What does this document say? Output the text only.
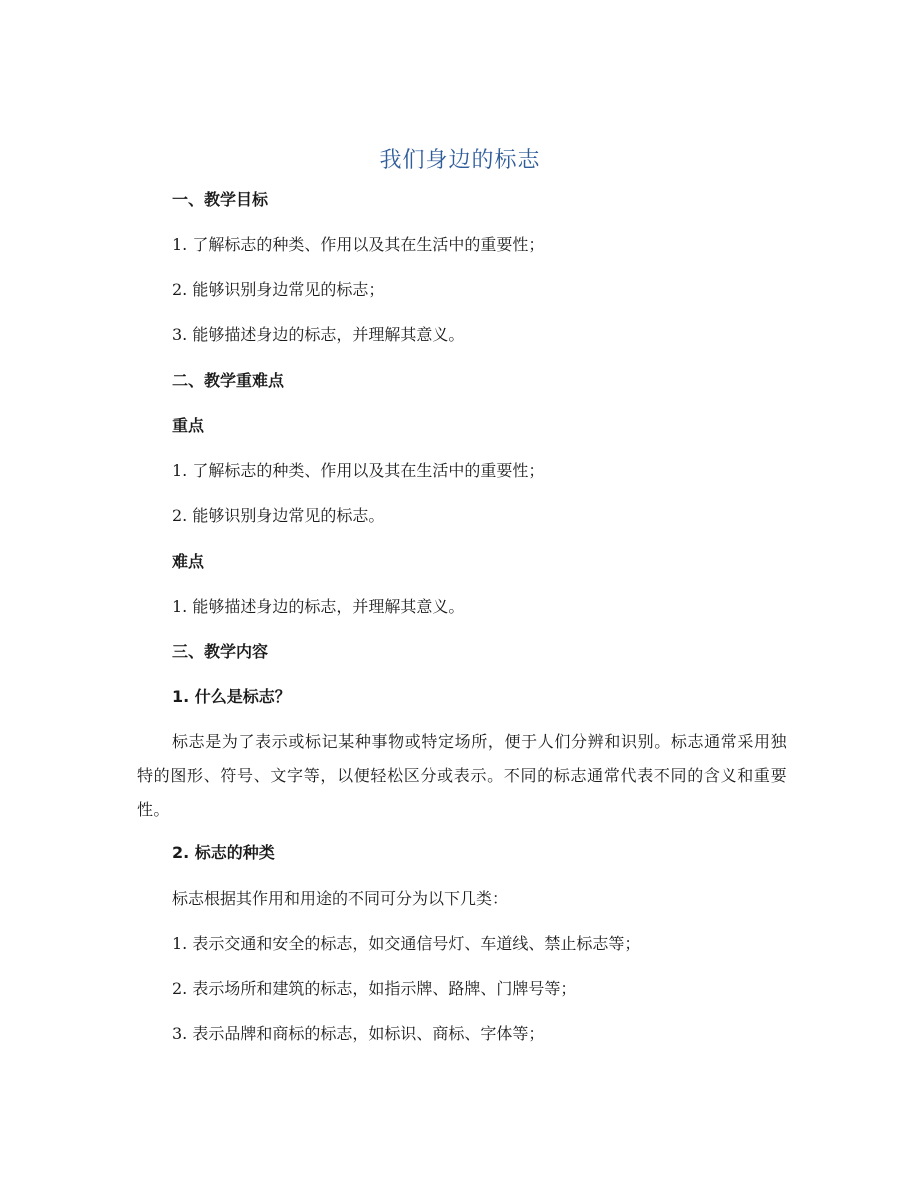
我们身边的标志
一、教学目标
1. 了解标志的种类、作用以及其在生活中的重要性；
2. 能够识别身边常见的标志；
3. 能够描述身边的标志，并理解其意义。
二、教学重难点
重点
1. 了解标志的种类、作用以及其在生活中的重要性；
2. 能够识别身边常见的标志。
难点
1. 能够描述身边的标志，并理解其意义。
三、教学内容
1. 什么是标志？
标志是为了表示或标记某种事物或特定场所，便于人们分辨和识别。标志通常采用独特的图形、符号、文字等，以便轻松区分或表示。不同的标志通常代表不同的含义和重要性。
2. 标志的种类
标志根据其作用和用途的不同可分为以下几类：
1. 表示交通和安全的标志，如交通信号灯、车道线、禁止标志等；
2. 表示场所和建筑的标志，如指示牌、路牌、门牌号等；
3. 表示品牌和商标的标志，如标识、商标、字体等；
